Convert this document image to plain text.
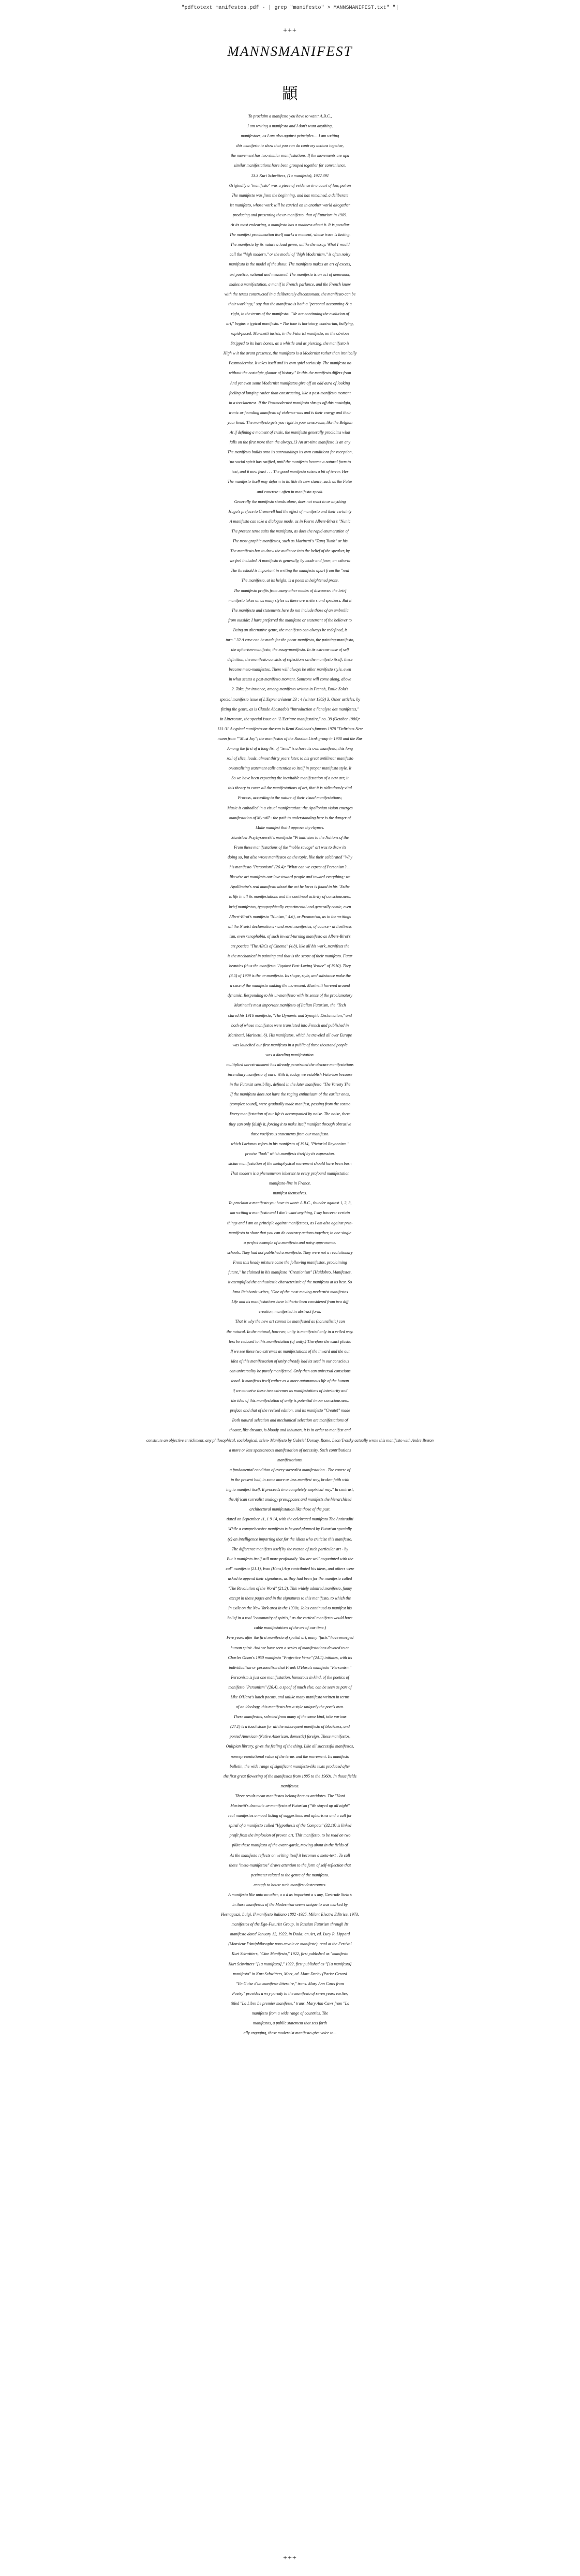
"pdftotext manifestos.pdf - | grep "manifesto" > MANNSMANIFEST.txt" "|
+++
MANNSMANIFEST
顓
To proclaim a manifesto you have to want: A.B.C.,
I am writing a manifesto and I don't want anything,
manifestoes, as I am also against principles ... I am writing
this manifesto to show that you can do contrary actions together,
the movement has two similar manifestations. If the movements are upa
similar manifestations have been grouped together for convenience.
13.3 Kurt Schwitters, (1a manifesto), 1922 391
Originally a "manifesto" was a piece of evidence in a court of law, put on
The manifesto was from the beginning, and has remained, a deliberate
ist manifesto, whose work will be carried on in another world altogether
producing and presenting the ur-manifesto. that of Futurism in 1909.
At its most endearing, a manifesto has a madness about it. It is peculiar
The manifest proclamation itself marks a moment, whose trace is lasting.
The manifesto by its nature a loud genre, unlike the essay. What I would
call the "high modern," or the model of "high Modernism," is often noisy
manifesto is the model of the shout. The manifesto makes an art of excess,
art poetica, rational and measured. The manifesto is an act of demeanor,
makes a manifestation, a manif in French parlance, and the French know
with the terms constructed in a deliberately disconsonant, the manifesto can be
their workings," say that the manifesto is both a "personal accounting & a
right, in the terms of the manifesto: "We are continuing the evolution of
art," begins a typical manifesto. • The tone is hortatory, contrarian, bullying,
rapid-paced. Marinetti insists, in the Futurist manifesto, on the obvious
Stripped to its bare bones, as a whistle and as piercing, the manifesto is
High w it the avant presence, the manifesto is a Modernist rather than ironically
Postmodernist. It takes itself and its own spiel seriously. The manifesto no
without the nostalgic glamor of history." In this the manifesto differs from
And yet even some Modernist manifestos give off an odd aura of looking
feeling of longing rather than constructing, like a post-manifesto moment
in a too-lateness. If the Postmodernist manifesto shrugs off this nostalgia,
ironic or founding manifesto of violence was and is their energy and their
your head. The manifesto gets you right in your sensorium, like the Belgian
At if defining a moment of crisis, the manifesto generally proclaims what
falls on the first more than the always.13 An art-time manifesto is an any
The manifesto builds onto its surroundings its own conditions for reception,
'no social spirit has ratified, until the manifesto became a natural form to
text, and it now feast . . . The good manifesto raises a bit of terror. Her
The manifesto itself may deform in its title its new stance, such as the Futur
and concrete - often in manifesto-speak.
Generally the manifesto stands alone, does not react to or anything
Hugo's preface to Cromwell had the effect of manifesto and their certainty
A manifesto can take a dialogue mode. as in Pierre Albert-Birot's "Nunic
The present tense suits the manifesto, as does the rapid enumeration of
The most graphic manifestos, such as Marinetti's "Zang Tumb" or his
The manifesto has to draw the audience into the belief of the speaker, by
we feel included. A manifesto is generally, by mode and form, an exhorta
The threshold is important in writing the manifesto apart from the "real
The manifesto, at its height, is a poem in heightened prose.
The manifesto profits from many other modes of discourse: the brief
manifesto takes on as many styles as there are writers and speakers. But it
The manifesto and statements here do not include those of an umbrella
from outside: I have preferred the manifesto or statement of the believer to
Being an alternative genre, the manifesto can always be redefined, it
turn." 32 A case can be made for the poem-manifesto, the painting-manifesto,
the aphorism-manifesto, the essay-manifesto. In its extreme case of self
definition, the manifesto consists of reflections on the manifesto itself: these
become meta-manifestos. There will always be other manifesto style, even
in what seems a post-manifesto moment. Someone will come along, above
2. Take, for instance, among manifesto written in French, Emile Zola's
special manifesto issue of L'Esprit créateur 23 : 4 (winter 1983) 3. Other articles, by
fitting the genre, as is Claude Abastado's "Introduction a l'analyse des manifestes,"
in Litterature, the special issue on "L'Ecriture manifestaire," no. 39 (October 1980):
131-31 A typical manifesto-on-the-run is Remi Koolhaas's famous 1978 "Delirious New
mann from ""Must Joy"; the manifestos of the Russian Lirnk group in 1908 and the Rus
Among the first of a long list of "isms" is a have its own manifesto, this long
roll of slice, loads, almost thirty years later, to his great antilinear manifesto
orientalizing statement calls attention to itself in proper manifesto style. It
So we have been expecting the inevitable manifestation of a new art; it
this theory to cover all the manifestations of art, that it is ridiculously vital
Process, according to the nature of their visual manifestations;
Music is embodied in a visual manifestation: the Apollonian vision emerges
manifestation of My will - the path to understanding here is the danger of
Make manifest that I approve thy rhymes.
Stanislaw Przybyszewski's manifesto "Primitivism to the Nations of the
From these manifestations of the "noble savage" art was to draw its
doing so, but also wrote manifestos on the topic, like their celebrated "Why
his manifesto "Personism" (26.4): "What can we expect of Personism? ...
likewise art manifests our love toward people and toward everything; we
Apollinaire's real manifesto about the art he loves is found in his "Esthe
is life in all its manifestations and the continual activity of consciousness.
brief manifestos, typographically experimental and generally comic, even
Albert-Birot's manifesto "Nunism," 4.6), or Premonism, as in the writings
all the N seist declamations - and most manifestos, of course - at liveliness
ism, even xenophobia, of such inward-turning manifesto as Albert-Birot's
art poetica "The ABCs of Cinema" (4.8), like all his work, manifests the
is the mechanical in painting and that is the scope of their manifesto. Futur
beauties (thus the manifesto "Against Past-Loving Venice" of 1910). They
(3.5) of 1909 is the ur-manifesto. Its shape, style, and substance make the
a case of the manifesto making the movement. Marinetti hovered around
dynamic. Responding to his ur-manifesto with its sense of the proclamatory
Marinetti's most important manifesto of Italian Futurism, the "Tech
clared his 1916 manifesto, "The Dynamic and Synoptic Declamation," and
both of whose manifestos were translated into French and published in
Marinetti, Marinetti, 6). His manifestos, which he traveled all over Europe
was launched our first manifesto in a public of three thousand people
was a dazzling manifestation.
multiplied unrestrainment has already penetrated the obscure manifestations
incendiary manifesto of ours. With it, today, we establish Futurism because
in the Futurist sensibility, defined in the later manifesto "The Variety The
If the manifesto does not have the raging enthusiasm of the earlier ones,
(complex sound), were gradually made manifest, passing from the cosmo
Every manifestation of our life is accompanied by noise. The noise, there
they can only falsify it, forcing it to make itself manifest through obtrusive
three vociferous statements from our manifesto.
which Larionov refers in his manifesto of 1914, "Pictorial Rayonnism."
precise "look" which manifests itself by its expression.
sician manifestation of the metaphysical movement should have been born
That modern is a phenomenon inherent to every profound manifestation
manifesto-line in France.
manifest themselves.
To proclaim a manifesto you have to want: A.B.C., thunder against 1, 2, 3,
am writing a manifesto and I don't want anything, I say however certain
things and I am on principle against manifestoes, as I am also against prin-
manifesto to show that you can do contrary actions together, in one single
a perfect example of a manifesto and noisy appearance.
schools. They had not published a manifesto. They were not a revolutionary
From this heady mixture come the following manifestos, proclaiming
future," he claimed in his manifesto "Creationism" [Huidobro, Manifestes,
it exemplified the enthusiastic characteristic of the manifesto at its best. So
Jana Reichardt writes, "One of the most moving modernist manifestos
Life and its manifestations have hitherto been considered from two diff
creation, manifested in abstract form.
That is why the new art cannot be manifested as (naturalistic) con
the natural. In the natural, however, unity is manifested only in a veiled way.
less be reduced to this manifestation (of unity.) Therefore the exact plastic
If we see these two extremes as manifestations of the inward and the out
idea of this manifestation of unity already had its seed in our conscious
can universality be purely manifested. Only then can universal conscious
ional. It manifests itself rather as a more autonomous life of the human
if we conceive these two extremes as manifestations of interiority and
the idea of this manifestation of unity is potential in our consciousness.
preface and that of the revised edition, and its manifesto "Create!" made
Both natural selection and mechanical selection are manifestations of
theater, like dreams, is bloody and inhuman, it is in order to manifest and
constitute an objective enrichment, any philosophical, sociological, scien- Manifesto by Gabriel Dorsay, Rome. Leon Trotsky actually wrote this manifesto with Andre Breton
a more or less spontaneous manifestation of necessity. Such contributions
manifestations.
a fundamental condition of every surrealist manifestation . The course of
in the present had, in some more or less manifest way, broken faith with
ing to manifest itself. It proceeds in a completely empirical way." In contrast,
the African surrealist analogy presupposes and manifests the hierarchized
architectural manifestation like those of the past.
tiated on September 11, 1 9 14, with the celebrated manifesto The Antitraditi
While a comprehensive manifesto is beyond planned by Futurism specially
(c) an intelligence imparting that for the idiots who criticize this manifesto.
The difference manifests itself by the reason of such particular art - by
But it manifests itself still more profoundly. You are well acquainted with the
cal" manifesto (21.1), Ivan (Hans) Arp contributed his ideas, and others were
asked to append their signatures, as they had been for the manifesto called
"The Revolution of the Word" (21.2). This widely admired manifesto, funny
except in these pages and in the signatures to this manifesto, to which the
In exile on the New York area in the 1930s, Jolas continued to manifest his
belief in a real "community of spirits," as the vertical manifesto would have
cable manifestations of the art of our time.)
Five years after the first manifesto of spatial art, many "facts" have emerged
human spirit. And we have seen a series of manifestations devoted to en
Charles Olson's 1950 manifesto "Projective Verse" (24.1) initiates, with its
individualism or personalism that Frank O'Hara's manifesto "Personism"
Personism is just one manifestation, humorous in kind, of the poetics of
manifesto "Personism" (26.4), a spoof of much else, can be seen as part of
Like O'Hara's lunch poems, and unlike many manifesto written in terms
of an ideology, this manifesto has a style uniquely the poet's own.
These manifestos, selected from many of the same kind, take various
(27.1) is a touchstone for all the subsequent manifesto of blackness, and
ported American (Native American, domestic) foreign. These manifestos,
Oulipian library, gives the feeling of the thing. Like all successful manifestos,
nonrepresentational value of the terms and the movement. Its manifesto
bulletin, the wide range of significant manifesto-like texts produced after
the first great flowering of the manifestos from 1885 to the 1960s. In those fields
manifestos.
Three result-mean manifestos belong here as antidotes. The "Hani
Marinetti's dramatic ur-manifesto of Futurism ("We stayed up all night"
real manifestos a mood listing of suggestions and aphorisms and a call for
spiral of a manifesto called "Hypothesis of the Compact" (32.10) is linked
profit from the implosion of proven art. This manifesto, to be read on two
plüte these manifesto of the avant-garde, moving about in the fields of
As the manifesto reflects on writing itself it becomes a meta-text . To call
these "meta-manifestos" draws attention to the form of self-reflection that
perimeter related to the genre of the manifesto.
enough to house such manifest dexterounes.
A manifesto like unto no other, a o d as important a s any, Gertrude Stein's
in those manifestos of the Modernism seems unique to was marked by
Hernagazzi, Luigi. Il manifesto italiano 1882 -1925. Milan: Electra Editrice, 1973.
manifestos of the Ego-Futurist Group, in Russian Futurism through Its
manifesto dated January 12, 1922, in Dada: an Art, ed. Lucy R. Lippard
(Monsieur l'Antiphilosophe nous envoie ce manifeste). read at the Festival
Kurt Schwitters, "Cine Manifesto," 1922, first published as "manifesto
Kurt Schwitters "[1a manifesto]," 1922, first published as "[1a manifesto]
manifesto" in Kurt Schwitters, Merz, ed. Marc Dachy (Paris: Gerard
"En Guise d'un manifeste litteraire," trans. Mary Ann Caws from
Poetry" provides a wry parody to the manifesto of seven years earlier,
titled "La Libre Le premier manifeste," trans. Mary Ann Caws from "La
manifesto from a wide range of countries. The
manifestos, a public statement that sets forth
ally engaging, these modernist manifesto give voice to...
+++
